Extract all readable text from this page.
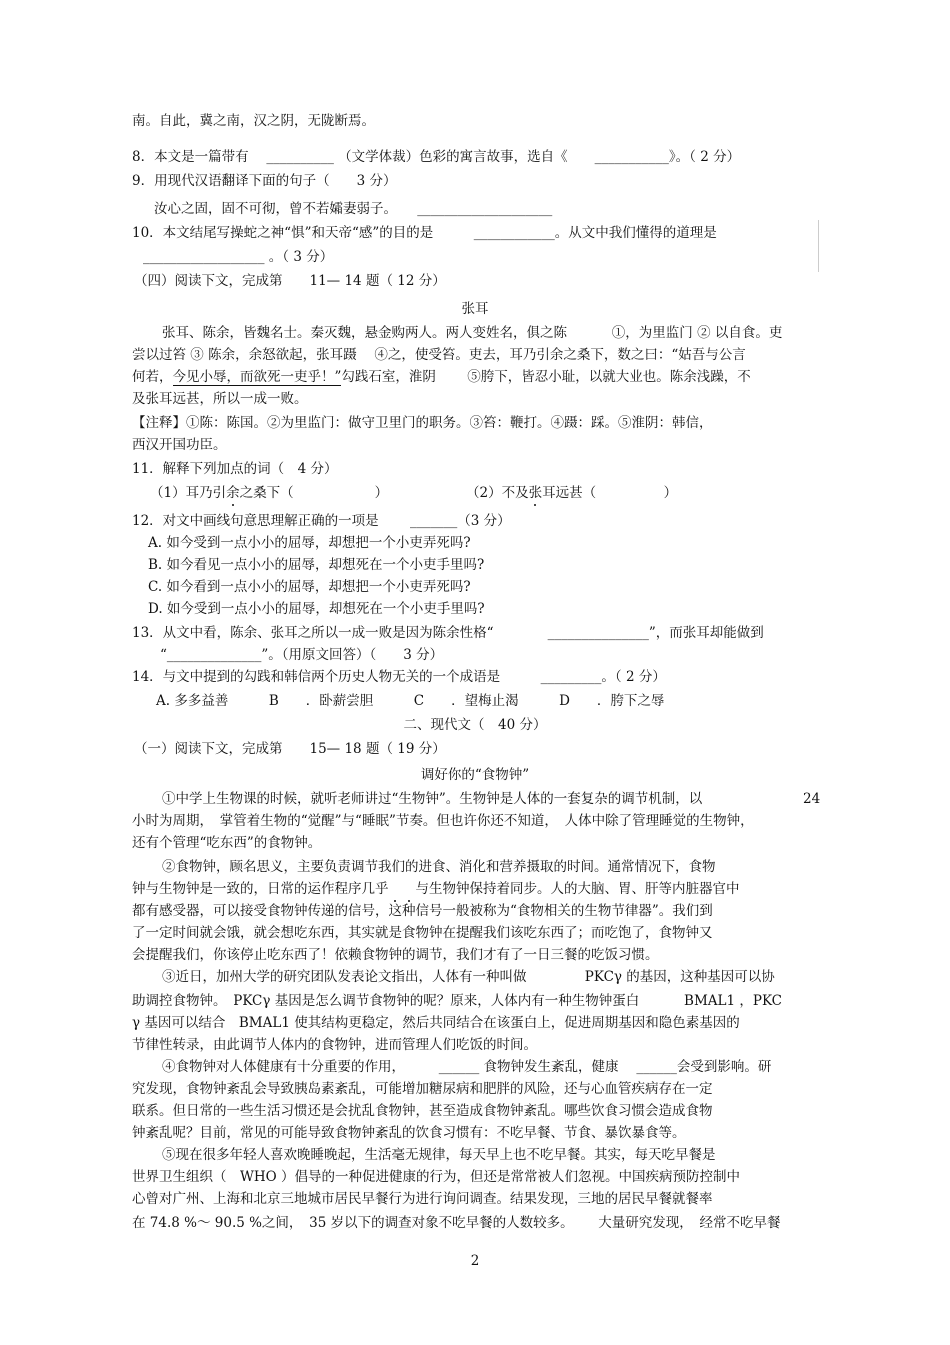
南。自此，冀之南，汉之阴，无陇断焉。
8．本文是一篇带有　 __________ （文学体裁）色彩的寓言故事，选自《　　___________》。（ 2 分）
9．用现代汉语翻译下面的句子（　　3 分）
汝心之固，固不可彻，曾不若孀妻弱子。　　____________________
10．本文结尾写操蛇之神“惧”和天帝“感”的目的是　　　____________。从文中我们懂得的道理是
__________________ 。（ 3 分）
（四）阅读下文，完成第　　11— 14 题（ 12 分）
张耳
张耳、陈余，皆魏名士。秦灭魏，悬金购两人。两人变姓名，俱之陈　　　 ①，为里监门 ② 以自食。吏
尝以过笞 ③ 陈余，余怒欲起，张耳蹑　 ④之，使受笞。吏去，耳乃引余之桑下，数之曰：“姑吾与公言
何若，今见小辱，而欲死一吏乎！”勾践石室，淮阴　　 ⑤胯下，皆忍小耻，以就大业也。陈余浅躁，不
及张耳远甚，所以一成一败。
【注释】①陈：陈国。②为里监门：做守卫里门的职务。③笞：鞭打。④蹑：踩。⑤淮阴：韩信，
西汉开国功臣。
11．解释下列加点的词（　4 分）
（1）耳乃引余之桑下（　　　　　　）	（2）不及张耳远甚（　　　　　）
12．对文中画线句意思理解正确的一项是　　 _______（3 分）
A. 如今受到一点小小的屈辱，却想把一个小吏弄死吗?
B. 如今看见一点小小的屈辱，却想死在一个小吏手里吗?
C. 如今看到一点小小的屈辱，却想把一个小吏弄死吗?
D. 如今受到一点小小的屈辱，却想死在一个小吏手里吗?
13．从文中看，陈余、张耳之所以一成一败是因为陈余性格“　　　　_______________”，而张耳却能做到
“______________”。（用原文回答）（　　3 分）
14．与文中提到的勾践和韩信两个历史人物无关的一个成语是　　　_________。（ 2 分）
A. 多多益善　　　B　　．卧薪尝胆　　　C　　．望梅止渴　　　D　　．胯下之辱
二、现代文（　40 分）
（一）阅读下文，完成第　　15— 18 题（ 19 分）
调好你的“食物钟”
①中学上生物课的时候，就听老师讲过“生物钟”。生物钟是人体的一套复杂的调节机制，以	24
小时为周期，　掌管着生物的“觉醒”与“睡眠”节奏。但也许你还不知道，　人体中除了管理睡觉的生物钟，
还有个管理“吃东西”的食物钟。
②食物钟，顾名思义，主要负责调节我们的进食、消化和营养摄取的时间。通常情况下，食物
钟与生物钟是一致的，日常的运作程序几乎　　 与生物钟保持着同步。人的大脑、胃、肝等内脏器官中
都有感受器，可以接受食物钟传递的信号，这种信号一般被称为“食物相关的生物节律器”。我们到
了一定时间就会饿，就会想吃东西，其实就是食物钟在提醒我们该吃东西了；而吃饱了，食物钟又
会提醒我们，你该停止吃东西了！依赖食物钟的调节，我们才有了一日三餐的吃饭习惯。
③近日，加州大学的研究团队发表论文指出，人体有一种叫做　　　　 PKCγ 的基因，这种基因可以协
助调控食物钟。　PKCγ 基因是怎么调节食物钟的呢？原来，人体内有一种生物钟蛋白　　　 BMAL1 ，PKC
γ 基因可以结合　BMAL1 使其结构更稳定，然后共同结合在该蛋白上，促进周期基因和隐色素基因的
节律性转录，由此调节人体内的食物钟，进而管理人们吃饭的时间。
④食物钟对人体健康有十分重要的作用，　　　______ 食物钟发生紊乱，健康　 ______会受到影响。研
究发现，食物钟紊乱会导致胰岛素紊乱，可能增加糖尿病和肥胖的风险，还与心血管疾病存在一定
联系。但日常的一些生活习惯还是会扰乱食物钟，甚至造成食物钟紊乱。哪些饮食习惯会造成食物
钟紊乱呢？目前，常见的可能导致食物钟紊乱的饮食习惯有：不吃早餐、节食、暴饮暴食等。
⑤现在很多年轻人喜欢晚睡晚起，生活毫无规律，每天早上也不吃早餐。其实，每天吃早餐是
世界卫生组织（　WHO ）倡导的一种促进健康的行为，但还是常常被人们忽视。中国疾病预防控制中
心曾对广州、上海和北京三地城市居民早餐行为进行询问调查。结果发现，三地的居民早餐就餐率
在 74.8 %～ 90.5 %之间，　35 岁以下的调查对象不吃早餐的人数较多。　　 大量研究发现，　经常不吃早餐
2
